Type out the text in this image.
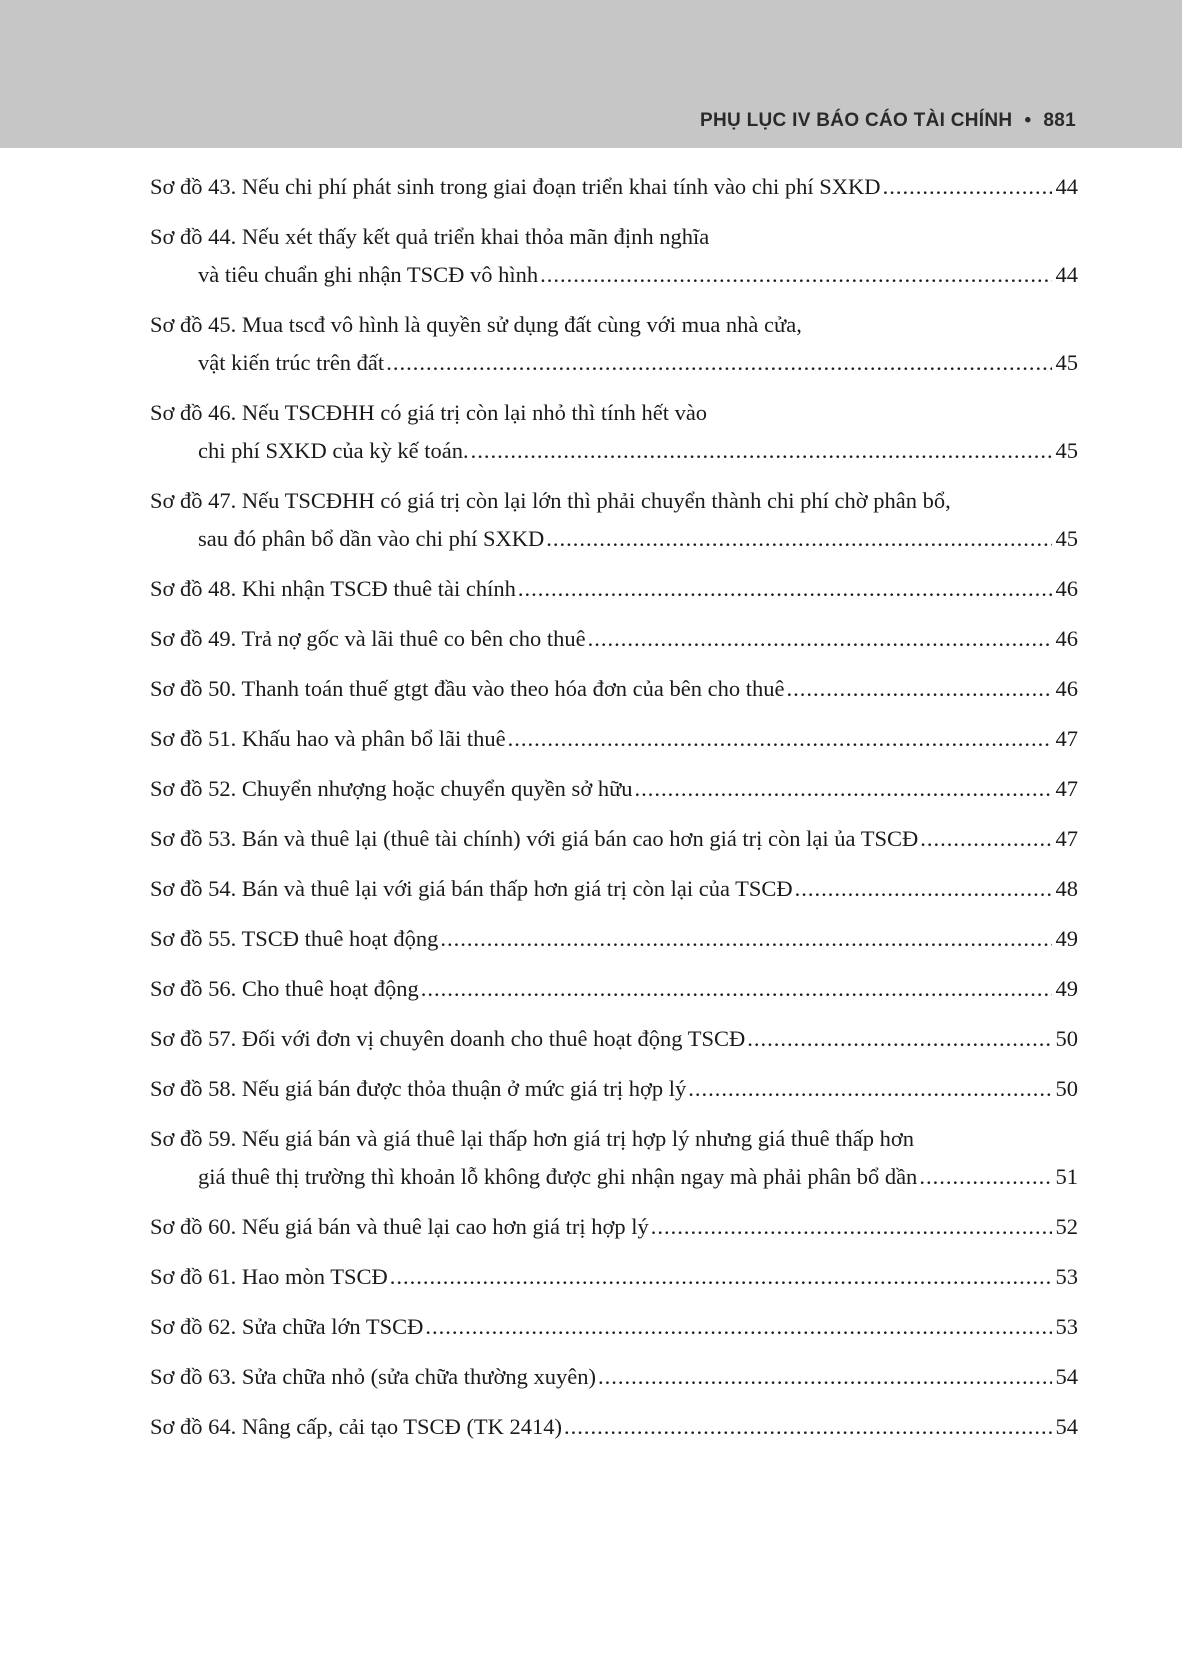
PHỤ LỤC IV BÁO CÁO TÀI CHÍNH • 881
Sơ đồ 43. Nếu chi phí phát sinh trong giai đoạn triển khai tính vào chi phí SXKD .....	44
Sơ đồ 44. Nếu xét thấy kết quả triển khai thỏa mãn định nghĩa
và tiêu chuẩn ghi nhận TSCĐ vô hình .....	44
Sơ đồ 45. Mua tscđ vô hình là quyền sử dụng đất cùng với mua nhà cửa,
vật kiến trúc trên đất .....	45
Sơ đồ 46. Nếu TSCĐHH có giá trị còn lại nhỏ thì tính hết vào
chi phí SXKD của kỳ kế toán. .....	45
Sơ đồ 47. Nếu TSCĐHH có giá trị còn lại lớn thì phải chuyển thành chi phí chờ phân bổ,
sau đó phân bổ dần vào chi phí SXKD .....	45
Sơ đồ 48. Khi nhận TSCĐ thuê tài chính .....	46
Sơ đồ 49. Trả nợ gốc và lãi thuê co bên cho thuê .....	46
Sơ đồ 50. Thanh toán thuế gtgt đầu vào theo hóa đơn của bên cho thuê .....	46
Sơ đồ 51. Khấu hao và phân bổ lãi thuê .....	47
Sơ đồ 52. Chuyển nhượng hoặc chuyển quyền sở hữu .....	47
Sơ đồ 53. Bán và thuê lại (thuê tài chính) với giá bán cao hơn giá trị còn lại ủa TSCĐ .....	47
Sơ đồ 54. Bán và thuê lại với giá bán thấp hơn giá trị còn lại của TSCĐ .....	48
Sơ đồ 55. TSCĐ thuê hoạt động .....	49
Sơ đồ 56. Cho thuê hoạt động .....	49
Sơ đồ 57. Đối với đơn vị chuyên doanh cho thuê hoạt động TSCĐ .....	50
Sơ đồ 58. Nếu giá bán được thỏa thuận ở mức giá trị hợp lý .....	50
Sơ đồ 59. Nếu giá bán và giá thuê lại thấp hơn giá trị hợp lý nhưng giá thuê thấp hơn
giá thuê thị trường thì khoản lỗ không được ghi nhận ngay mà phải phân bổ dần .....	51
Sơ đồ 60. Nếu giá bán và thuê lại cao hơn giá trị hợp lý .....	52
Sơ đồ 61. Hao mòn TSCĐ .....	53
Sơ đồ 62. Sửa chữa lớn TSCĐ .....	53
Sơ đồ 63. Sửa chữa nhỏ (sửa chữa thường xuyên) .....	54
Sơ đồ 64. Nâng cấp, cải tạo TSCĐ (TK 2414) .....	54
